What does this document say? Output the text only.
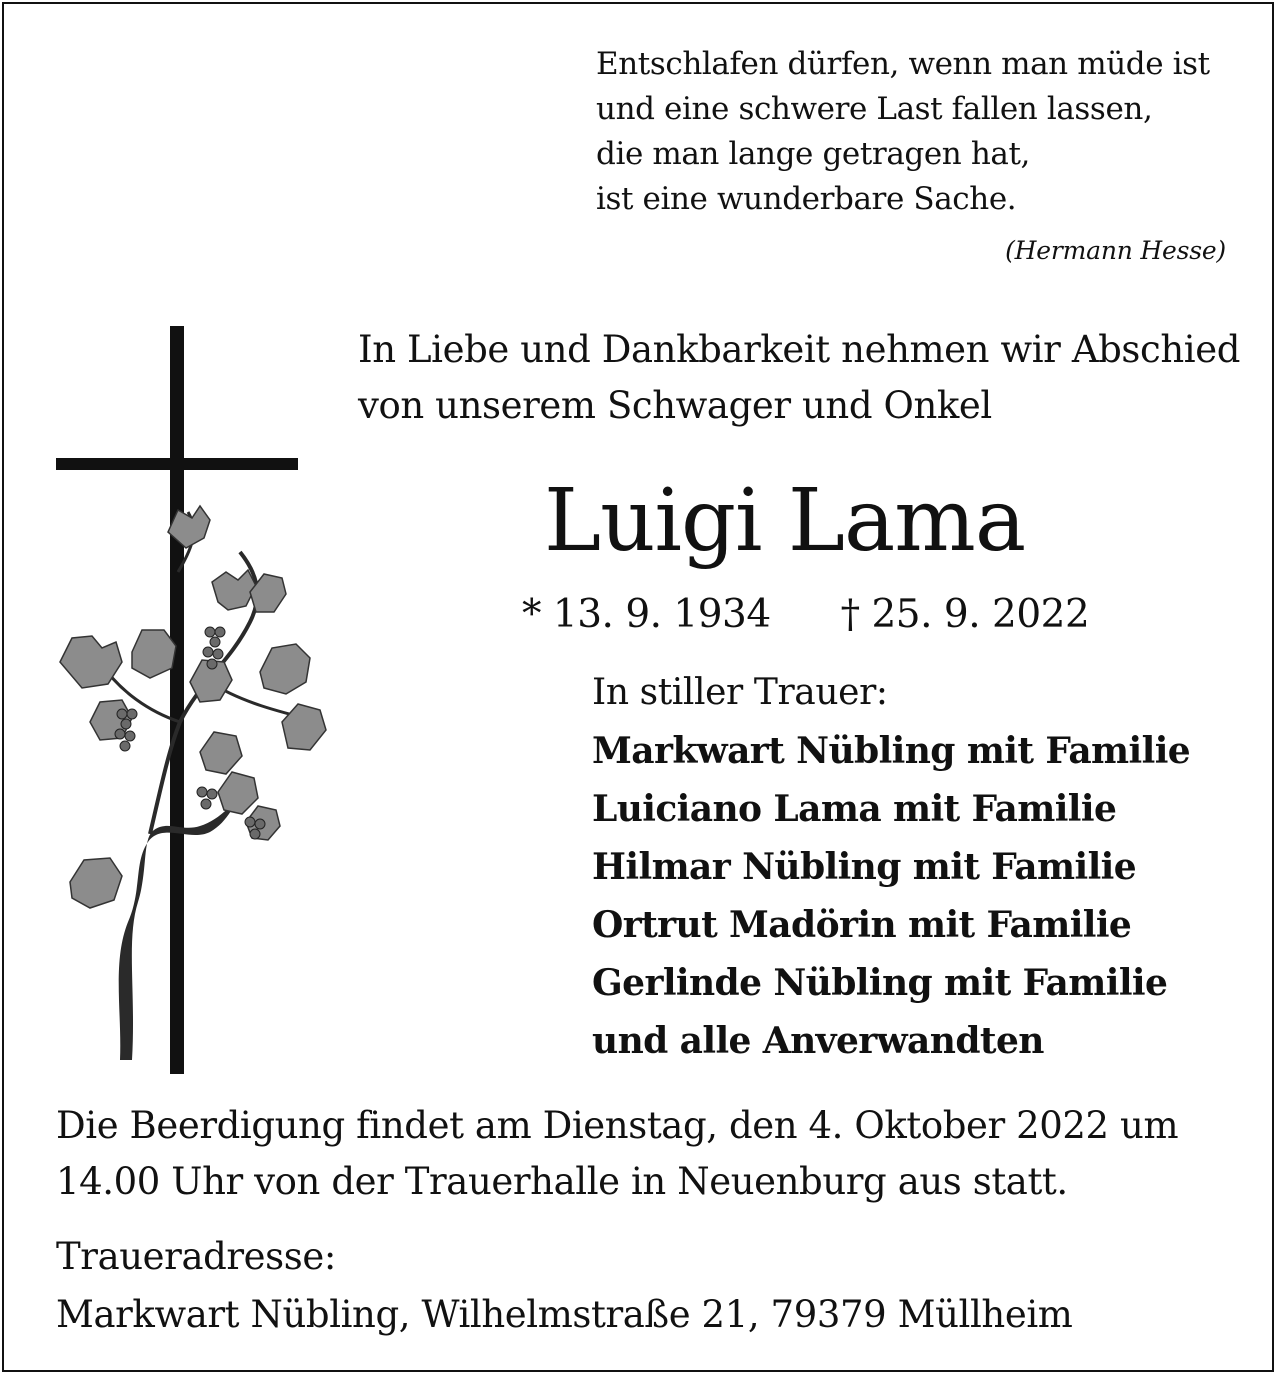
Entschlafen dürfen, wenn man müde ist
und eine schwere Last fallen lassen,
die man lange getragen hat,
ist eine wunderbare Sache.
(Hermann Hesse)
In Liebe und Dankbarkeit nehmen wir Abschied
von unserem Schwager und Onkel
Luigi Lama
* 13. 9. 1934 † 25. 9. 2022
In stiller Trauer:
Markwart Nübling mit Familie
Luiciano Lama mit Familie
Hilmar Nübling mit Familie
Ortrut Madörin mit Familie
Gerlinde Nübling mit Familie
und alle Anverwandten
Die Beerdigung findet am Dienstag, den 4. Oktober 2022 um
14.00 Uhr von der Trauerhalle in Neuenburg aus statt.
Traueradresse:
Markwart Nübling, Wilhelmstraße 21, 79379 Müllheim
